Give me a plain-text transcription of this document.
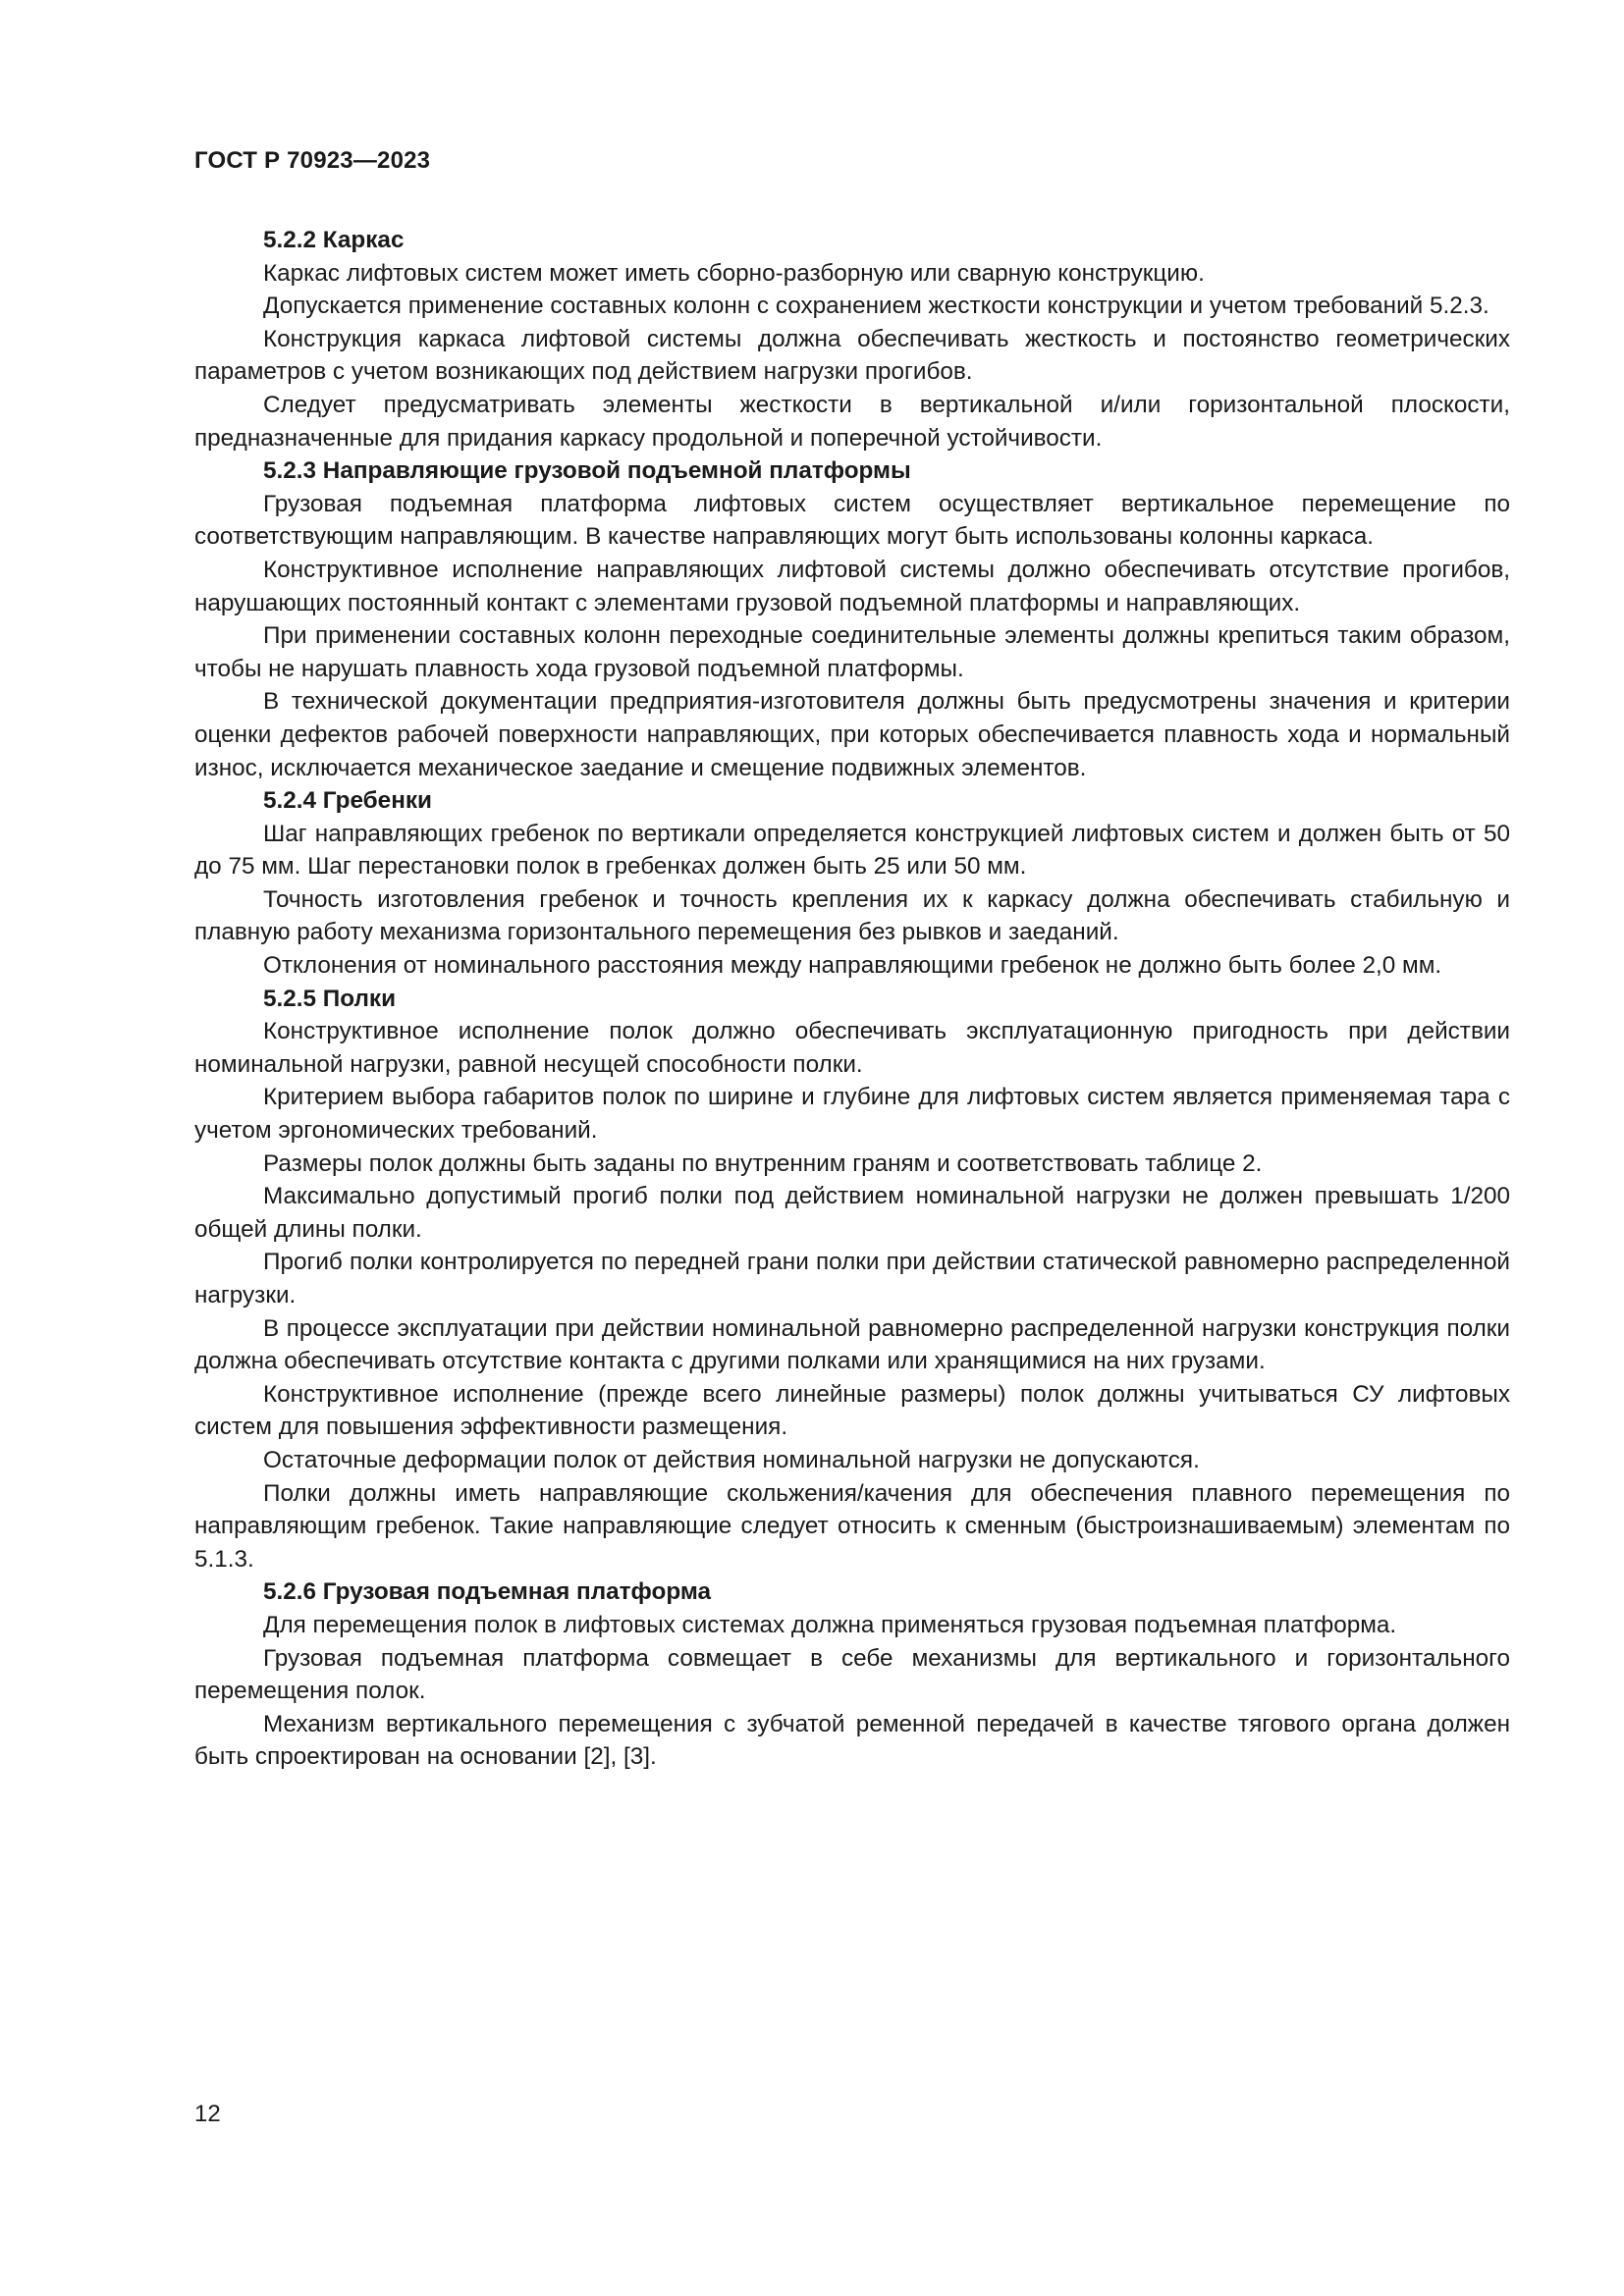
ГОСТ Р 70923—2023
5.2.2 Каркас

Каркас лифтовых систем может иметь сборно-разборную или сварную конструкцию.

Допускается применение составных колонн с сохранением жесткости конструкции и учетом требований 5.2.3.

Конструкция каркаса лифтовой системы должна обеспечивать жесткость и постоянство геометрических параметров с учетом возникающих под действием нагрузки прогибов.

Следует предусматривать элементы жесткости в вертикальной и/или горизонтальной плоскости, предназначенные для придания каркасу продольной и поперечной устойчивости.

5.2.3 Направляющие грузовой подъемной платформы

Грузовая подъемная платформа лифтовых систем осуществляет вертикальное перемещение по соответствующим направляющим. В качестве направляющих могут быть использованы колонны каркаса.

Конструктивное исполнение направляющих лифтовой системы должно обеспечивать отсутствие прогибов, нарушающих постоянный контакт с элементами грузовой подъемной платформы и направляющих.

При применении составных колонн переходные соединительные элементы должны крепиться таким образом, чтобы не нарушать плавность хода грузовой подъемной платформы.

В технической документации предприятия-изготовителя должны быть предусмотрены значения и критерии оценки дефектов рабочей поверхности направляющих, при которых обеспечивается плавность хода и нормальный износ, исключается механическое заедание и смещение подвижных элементов.

5.2.4 Гребенки

Шаг направляющих гребенок по вертикали определяется конструкцией лифтовых систем и должен быть от 50 до 75 мм. Шаг перестановки полок в гребенках должен быть 25 или 50 мм.

Точность изготовления гребенок и точность крепления их к каркасу должна обеспечивать стабильную и плавную работу механизма горизонтального перемещения без рывков и заеданий.

Отклонения от номинального расстояния между направляющими гребенок не должно быть более 2,0 мм.

5.2.5 Полки

Конструктивное исполнение полок должно обеспечивать эксплуатационную пригодность при действии номинальной нагрузки, равной несущей способности полки.

Критерием выбора габаритов полок по ширине и глубине для лифтовых систем является применяемая тара с учетом эргономических требований.

Размеры полок должны быть заданы по внутренним граням и соответствовать таблице 2.

Максимально допустимый прогиб полки под действием номинальной нагрузки не должен превышать 1/200 общей длины полки.

Прогиб полки контролируется по передней грани полки при действии статической равномерно распределенной нагрузки.

В процессе эксплуатации при действии номинальной равномерно распределенной нагрузки конструкция полки должна обеспечивать отсутствие контакта с другими полками или хранящимися на них грузами.

Конструктивное исполнение (прежде всего линейные размеры) полок должны учитываться СУ лифтовых систем для повышения эффективности размещения.

Остаточные деформации полок от действия номинальной нагрузки не допускаются.

Полки должны иметь направляющие скольжения/качения для обеспечения плавного перемещения по направляющим гребенок. Такие направляющие следует относить к сменным (быстроизнашиваемым) элементам по 5.1.3.

5.2.6 Грузовая подъемная платформа

Для перемещения полок в лифтовых системах должна применяться грузовая подъемная платформа.

Грузовая подъемная платформа совмещает в себе механизмы для вертикального и горизонтального перемещения полок.

Механизм вертикального перемещения с зубчатой ременной передачей в качестве тягового органа должен быть спроектирован на основании [2], [3].

12
